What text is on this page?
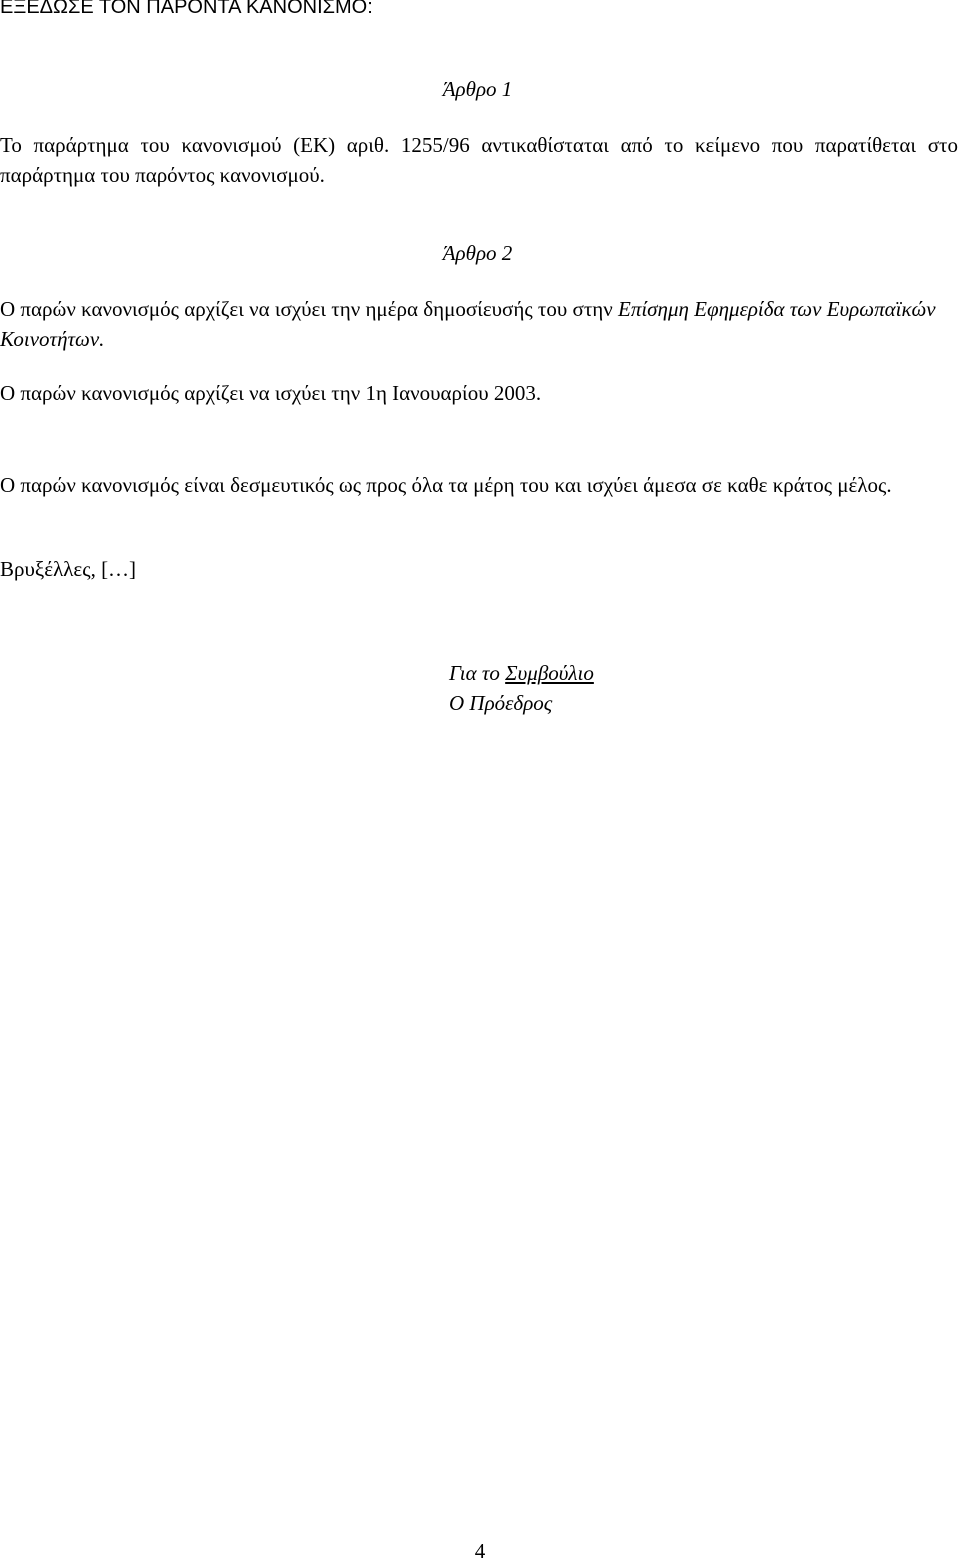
ΕΞΕΔΩΣΕ ΤΟΝ ΠΑΡΟΝΤΑ ΚΑΝΟΝΙΣΜΟ:
Άρθρο 1
Το παράρτημα του κανονισμού (ΕΚ) αριθ. 1255/96 αντικαθίσταται από το κείμενο που παρατίθεται στο παράρτημα του παρόντος κανονισμού.
Άρθρο 2
Ο παρών κανονισμός αρχίζει να ισχύει την ημέρα δημοσίευσής του στην Επίσημη Εφημερίδα των Ευρωπαϊκών Κοινοτήτων.
Ο παρών κανονισμός αρχίζει να ισχύει την 1η Ιανουαρίου 2003.
Ο παρών κανονισμός είναι δεσμευτικός ως προς όλα τα μέρη του και ισχύει άμεσα σε καθε κράτος μέλος.
Βρυξέλλες, […]
Για το Συμβούλιο
Ο Πρόεδρος
4
